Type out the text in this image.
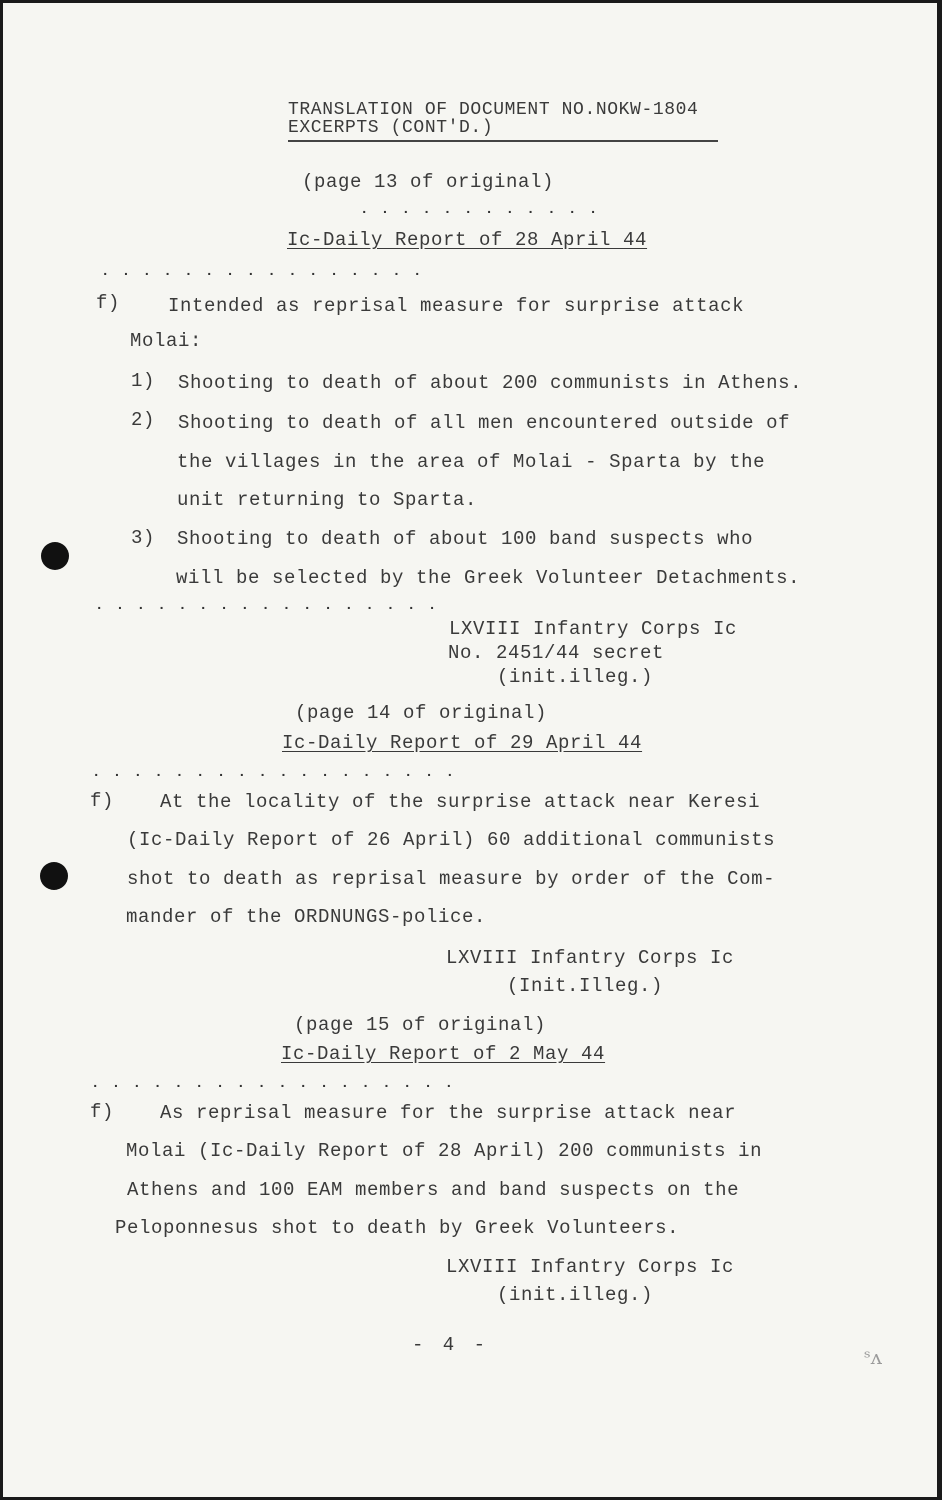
TRANSLATION OF DOCUMENT NO.NOKW-1804
EXCERPTS (CONT'D.)
(page 13 of original)
. . . . . . . . . . . .
Ic-Daily Report of 28 April 44
. . . . . . . . . . . . . . . .
f)	Intended as reprisal measure for surprise attack
Molai:
1) Shooting to death of about 200 communists in Athens.
2) Shooting to death of all men encountered outside of
the villages in the area of Molai - Sparta by the
unit returning to Sparta.
3) Shooting to death of about 100 band suspects who
will be selected by the Greek Volunteer Detachments.
. . . . . . . . . . . . . . . . .
LXVIII Infantry Corps Ic
No. 2451/44 secret
(init.illeg.)
(page 14 of original)
Ic-Daily Report of 29 April 44
. . . . . . . . . . . . . . . . . .
f) At the locality of the surprise attack near Keresi
(Ic-Daily Report of 26 April) 60 additional communists
shot to death as reprisal measure by order of the Com-
mander of the ORDNUNGS-police.
LXVIII Infantry Corps Ic
(Init.Illeg.)
(page 15 of original)
Ic-Daily Report of 2 May 44
. . . . . . . . . . . . . . . . . .
f) As reprisal measure for the surprise attack near
Molai (Ic-Daily Report of 28 April) 200 communists in
Athens and 100 EAM members and band suspects on the
Peloponnesus shot to death by Greek Volunteers.
LXVIII Infantry Corps Ic
(init.illeg.)
- 4 -	ˢʌ
